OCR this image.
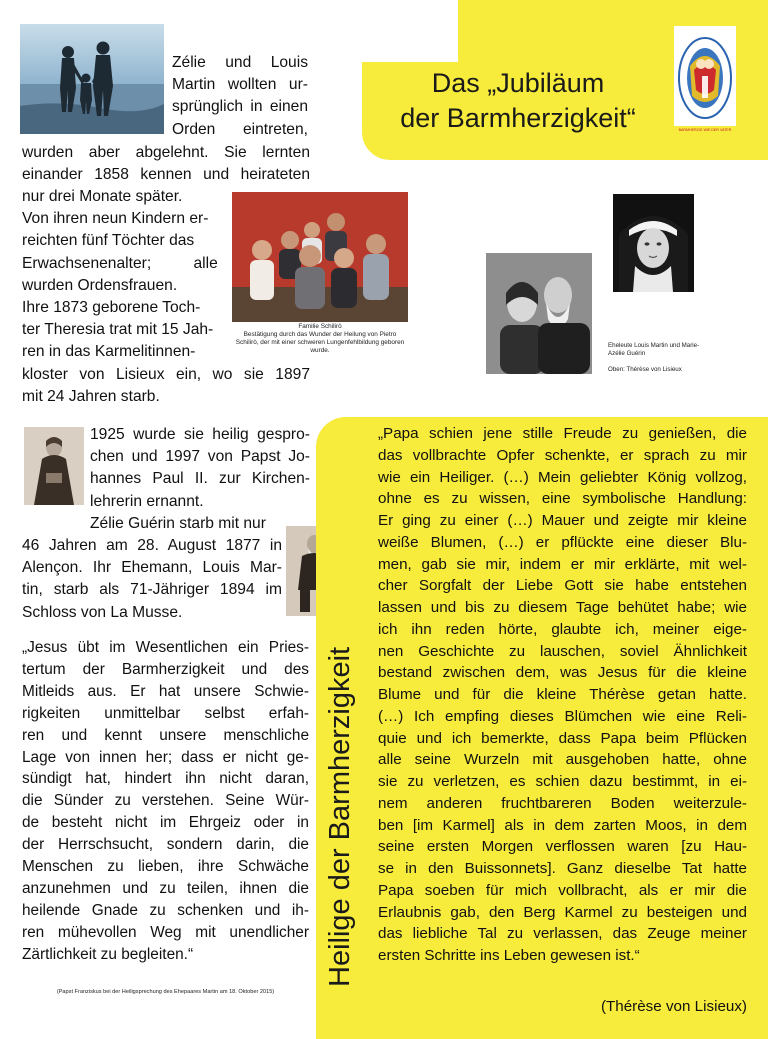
Das „Jubiläum
der Barmherzigkeit“	BARMHERZIG WIE DER VATER
Zélie und Louis
Martin wollten ur-
sprünglich in einen
Orden eintreten,
wurden aber abgelehnt. Sie lernten
einander 1858 kennen und heirateten
nur drei Monate später.
Von ihren neun Kindern er-
reichten fünf Töchter das
Erwachsenenalter; alle
wurden Ordensfrauen.
Ihre 1873 geborene Toch-
ter Theresia trat mit 15 Jah-
ren in das Karmelitinnen-
kloster von Lisieux ein, wo sie 1897
mit 24 Jahren starb.
Familie Schilirò
Bestätigung durch das Wunder der Heilung von Pietro Schilirò, der mit einer schweren Lungenfehlbildung geboren wurde.
Eheleute Louis Martin und Marie-Azélie Guérin
Oben: Thérèse von Lisieux
1925 wurde sie heilig gespro-
chen und 1997 von Papst Jo-
hannes Paul II. zur Kirchen-
lehrerin ernannt.
Zélie Guérin starb mit nur
46 Jahren am 28. August 1877 in
Alençon. Ihr Ehemann, Louis Mar-
tin, starb als 71-Jähriger 1894 im
Schloss von La Musse.
„Jesus übt im Wesentlichen ein Pries-
tertum der Barmherzigkeit und des
Mitleids aus. Er hat unsere Schwie-
rigkeiten unmittelbar selbst erfah-
ren und kennt unsere menschliche
Lage von innen her; dass er nicht ge-
sündigt hat, hindert ihn nicht daran,
die Sünder zu verstehen. Seine Wür-
de besteht nicht im Ehrgeiz oder in
der Herrschsucht, sondern darin, die
Menschen zu lieben, ihre Schwäche
anzunehmen und zu teilen, ihnen die
heilende Gnade zu schenken und ih-
ren mühevollen Weg mit unendlicher
Zärtlichkeit zu begleiten.“
(Papst Franziskus bei der Heiligsprechung des Ehepaares Martin am 18. Oktober 2015)
Heilige der Barmherzigkeit
„Papa schien jene stille Freude zu genießen, die
das vollbrachte Opfer schenkte, er sprach zu mir
wie ein Heiliger. (…) Mein geliebter König vollzog,
ohne es zu wissen, eine symbolische Handlung:
Er ging zu einer (…) Mauer und zeigte mir kleine
weiße Blumen, (…) er pflückte eine dieser Blu-
men, gab sie mir, indem er mir erklärte, mit wel-
cher Sorgfalt der Liebe Gott sie habe entstehen
lassen und bis zu diesem Tage behütet habe; wie
ich ihn reden hörte, glaubte ich, meiner eige-
nen Geschichte zu lauschen, soviel Ähnlichkeit
bestand zwischen dem, was Jesus für die kleine
Blume und für die kleine Thérèse getan hatte.
(…) Ich empfing dieses Blümchen wie eine Reli-
quie und ich bemerkte, dass Papa beim Pflücken
alle seine Wurzeln mit ausgehoben hatte, ohne
sie zu verletzen, es schien dazu bestimmt, in ei-
nem anderen fruchtbareren Boden weiterzule-
ben [im Karmel] als in dem zarten Moos, in dem
seine ersten Morgen verflossen waren [zu Hau-
se in den Buissonnets]. Ganz dieselbe Tat hatte
Papa soeben für mich vollbracht, als er mir die
Erlaubnis gab, den Berg Karmel zu besteigen und
das liebliche Tal zu verlassen, das Zeuge meiner
ersten Schritte ins Leben gewesen ist.“
(Thérèse von Lisieux)
